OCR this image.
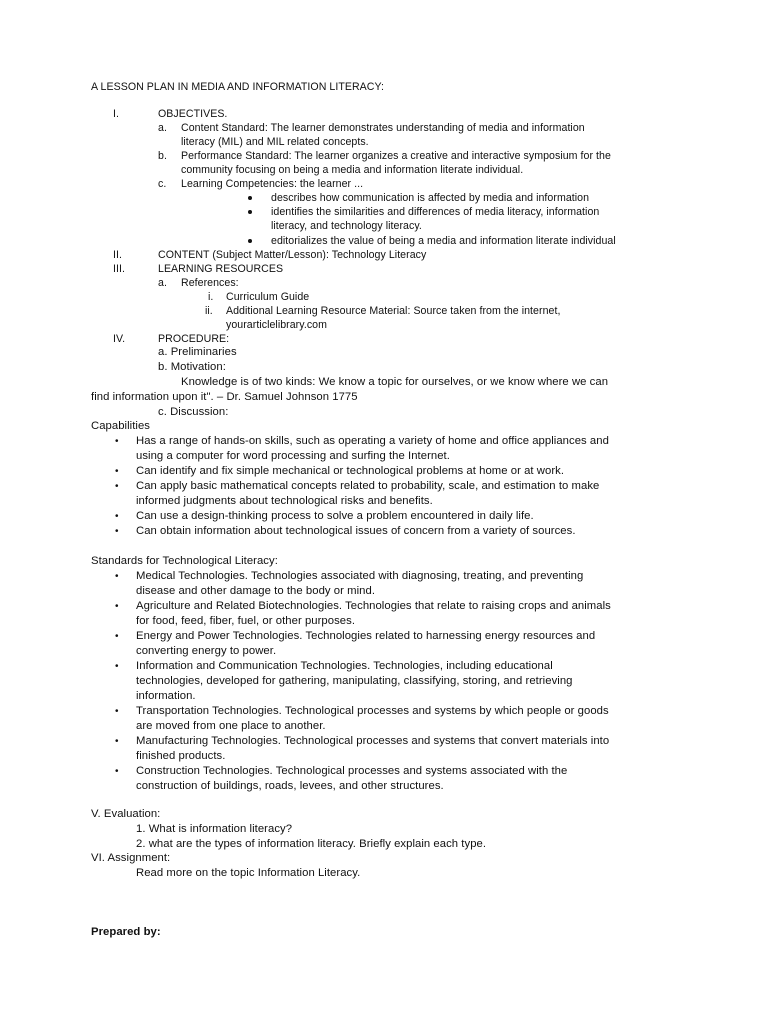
A LESSON PLAN IN MEDIA AND INFORMATION LITERACY:
I.	OBJECTIVES.
a. Content Standard: The learner demonstrates understanding of media and information
literacy (MIL) and MIL related concepts.
b. Performance Standard: The learner organizes a creative and interactive symposium for the
community focusing on being a media and information literate individual.
c. Learning Competencies: the learner ...
describes how communication is affected by media and information
identifies the similarities and differences of media literacy, information
literacy, and technology literacy.
editorializes the value of being a media and information literate individual
II.	CONTENT (Subject Matter/Lesson): Technology Literacy
III.	LEARNING RESOURCES
a. References:
i. Curriculum Guide
ii. Additional Learning Resource Material: Source taken from the internet,
yourarticlelibrary.com
IV.	PROCEDURE:
a. Preliminaries
b. Motivation:
Knowledge is of two kinds: We know a topic for ourselves, or we know where we can
find information upon it". – Dr. Samuel Johnson 1775
c. Discussion:
Capabilities
• Has a range of hands-on skills, such as operating a variety of home and office appliances and
using a computer for word processing and surfing the Internet.
• Can identify and fix simple mechanical or technological problems at home or at work.
• Can apply basic mathematical concepts related to probability, scale, and estimation to make
informed judgments about technological risks and benefits.
• Can use a design-thinking process to solve a problem encountered in daily life.
• Can obtain information about technological issues of concern from a variety of sources.
Standards for Technological Literacy:
• Medical Technologies. Technologies associated with diagnosing, treating, and preventing
disease and other damage to the body or mind.
• Agriculture and Related Biotechnologies. Technologies that relate to raising crops and animals
for food, feed, fiber, fuel, or other purposes.
• Energy and Power Technologies. Technologies related to harnessing energy resources and
converting energy to power.
• Information and Communication Technologies. Technologies, including educational
technologies, developed for gathering, manipulating, classifying, storing, and retrieving
information.
• Transportation Technologies. Technological processes and systems by which people or goods
are moved from one place to another.
• Manufacturing Technologies. Technological processes and systems that convert materials into
finished products.
• Construction Technologies. Technological processes and systems associated with the
construction of buildings, roads, levees, and other structures.
V. Evaluation:
1. What is information literacy?
2. what are the types of information literacy. Briefly explain each type.
VI. Assignment:
Read more on the topic Information Literacy.
Prepared by:
